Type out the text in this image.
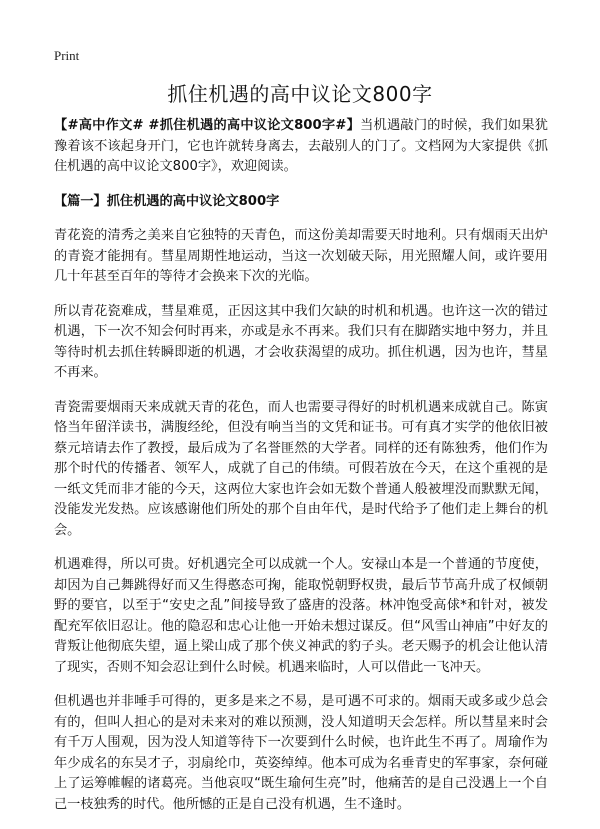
Print
抓住机遇的高中议论文800字

【#高中作文# #抓住机遇的高中议论文800字#】当机遇敲门的时候，我们如果犹豫着该不该起身开门，它也许就转身离去，去敲别人的门了。文档网为大家提供《抓住机遇的高中议论文800字》，欢迎阅读。

【篇一】抓住机遇的高中议论文800字

青花瓷的清秀之美来自它独特的天青色，而这份美却需要天时地利。只有烟雨天出炉的青瓷才能拥有。彗星周期性地运动，当这一次划破天际，用光照耀人间，或许要用几十年甚至百年的等待才会换来下次的光临。

所以青花瓷难成，彗星难觅，正因这其中我们欠缺的时机和机遇。也许这一次的错过机遇，下一次不知会何时再来，亦或是永不再来。我们只有在脚踏实地中努力，并且等待时机去抓住转瞬即逝的机遇，才会收获渴望的成功。抓住机遇，因为也许，彗星不再来。

青瓷需要烟雨天来成就天青的花色，而人也需要寻得好的时机机遇来成就自己。陈寅恪当年留洋读书，满腹经纶，但没有响当当的文凭和证书。可有真才实学的他依旧被蔡元培请去作了教授，最后成为了名誉匪然的大学者。同样的还有陈独秀，他们作为那个时代的传播者、领军人，成就了自己的伟绩。可假若放在今天，在这个重视的是一纸文凭而非才能的今天，这两位大家也许会如无数个普通人般被埋没而默默无闻，没能发光发热。应该感谢他们所处的那个自由年代，是时代给予了他们走上舞台的机会。

机遇难得，所以可贵。好机遇完全可以成就一个人。安禄山本是一个普通的节度使，却因为自己舞跳得好而又生得憨态可掬，能取悦朝野权贵，最后节节高升成了权倾朝野的要官，以至于“安史之乱”间接导致了盛唐的没落。林冲饱受高俅*和针对，被发配充军依旧忍让。他的隐忍和忠心让他一开始未想过谋反。但“风雪山神庙”中好友的背叛让他彻底失望，逼上梁山成了那个侠义神武的豹子头。老天赐予的机会让他认清了现实，否则不知会忍让到什么时候。机遇来临时，人可以借此一飞冲天。

但机遇也并非唾手可得的，更多是来之不易，是可遇不可求的。烟雨天或多或少总会有的，但叫人担心的是对未来对的难以预测，没人知道明天会怎样。所以彗星来时会有千万人围观，因为没人知道等待下一次要到什么时候，也许此生不再了。周瑜作为年少成名的东吴才子，羽扇纶巾，英姿绰绰。他本可成为名垂青史的军事家，奈何碰上了运筹帷幄的诸葛亮。当他哀叹“既生瑜何生亮”时，他痛苦的是自己没遇上一个自己一枝独秀的时代。他所憾的正是自己没有机遇，生不逢时。
